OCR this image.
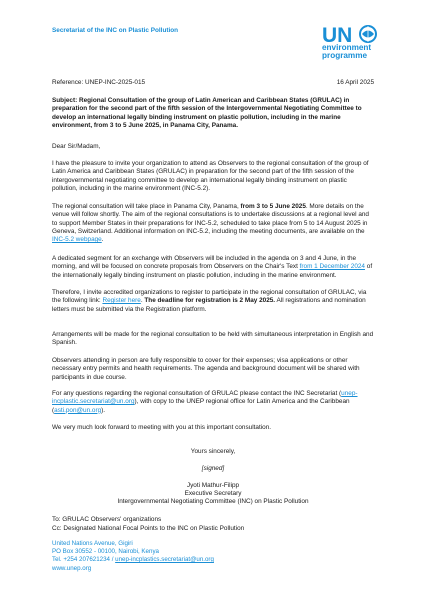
Secretariat of the INC on Plastic Pollution	UN
environment
programme
Reference: UNEP-INC-2025-015	16 April 2025
Subject: Regional Consultation of the group of Latin American and Caribbean States (GRULAC) in preparation for the second part of the fifth session of the Intergovernmental Negotiating Committee to develop an international legally binding instrument on plastic pollution, including in the marine environment, from 3 to 5 June 2025, in Panama City, Panama.
Dear Sir/Madam,
I have the pleasure to invite your organization to attend as Observers to the regional consultation of the group of Latin America and Caribbean States (GRULAC) in preparation for the second part of the fifth session of the intergovernmental negotiating committee to develop an international legally binding instrument on plastic pollution, including in the marine environment (INC-5.2).
The regional consultation will take place in Panama City, Panama, from 3 to 5 June 2025. More details on the venue will follow shortly. The aim of the regional consultations is to undertake discussions at a regional level and to support Member States in their preparations for INC-5.2, scheduled to take place from 5 to 14 August 2025 in Geneva, Switzerland. Additional information on INC-5.2, including the meeting documents, are available on the INC-5.2 webpage.
A dedicated segment for an exchange with Observers will be included in the agenda on 3 and 4 June, in the morning, and will be focused on concrete proposals from Observers on the Chair's Text from 1 December 2024 of the internationally legally binding instrument on plastic pollution, including in the marine environment.
Therefore, I invite accredited organizations to register to participate in the regional consultation of GRULAC, via the following link: Register here. The deadline for registration is 2 May 2025. All registrations and nomination letters must be submitted via the Registration platform.
Arrangements will be made for the regional consultation to be held with simultaneous interpretation in English and Spanish.
Observers attending in person are fully responsible to cover for their expenses; visa applications or other necessary entry permits and health requirements. The agenda and background document will be shared with participants in due course.
For any questions regarding the regional consultation of GRULAC please contact the INC Secretariat (unep-incplastic.secretariat@un.org), with copy to the UNEP regional office for Latin America and the Caribbean (asti.pon@un.org).
We very much look forward to meeting with you at this important consultation.
Yours sincerely,
[signed]
Jyoti Mathur-Filipp
Executive Secretary
Intergovernmental Negotiating Committee (INC) on Plastic Pollution
To: GRULAC Observers' organizations
Cc: Designated National Focal Points to the INC on Plastic Pollution
United Nations Avenue, Gigiri
PO Box 30552 - 00100, Nairobi, Kenya
Tel. +254 207621234 / unep-incplastics.secretariat@un.org
www.unep.org
